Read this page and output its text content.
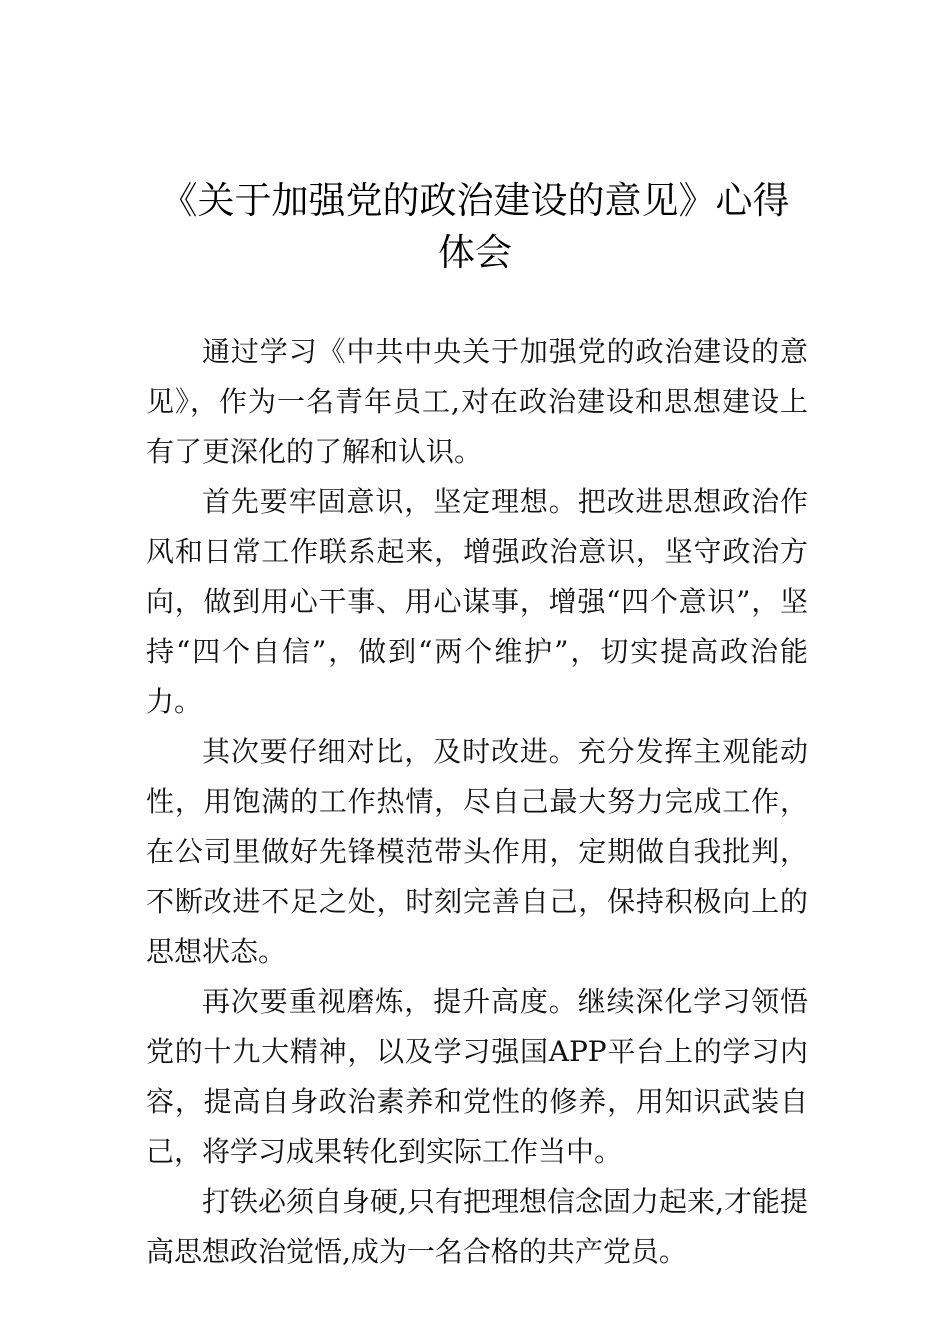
《关于加强党的政治建设的意见》心得体会

通过学习《中共中央关于加强党的政治建设的意见》，作为一名青年员工,对在政治建设和思想建设上有了更深化的了解和认识。

首先要牢固意识，坚定理想。把改进思想政治作风和日常工作联系起来，增强政治意识，坚守政治方向，做到用心干事、用心谋事，增强“四个意识”，坚持“四个自信”，做到“两个维护”，切实提高政治能力。

其次要仔细对比，及时改进。充分发挥主观能动性，用饱满的工作热情，尽自己最大努力完成工作，在公司里做好先锋模范带头作用，定期做自我批判，不断改进不足之处，时刻完善自己，保持积极向上的思想状态。

再次要重视磨炼，提升高度。继续深化学习领悟党的十九大精神，以及学习强国APP平台上的学习内容，提高自身政治素养和党性的修养，用知识武装自己，将学习成果转化到实际工作当中。

打铁必须自身硬,只有把理想信念固力起来,才能提高思想政治觉悟,成为一名合格的共产党员。
